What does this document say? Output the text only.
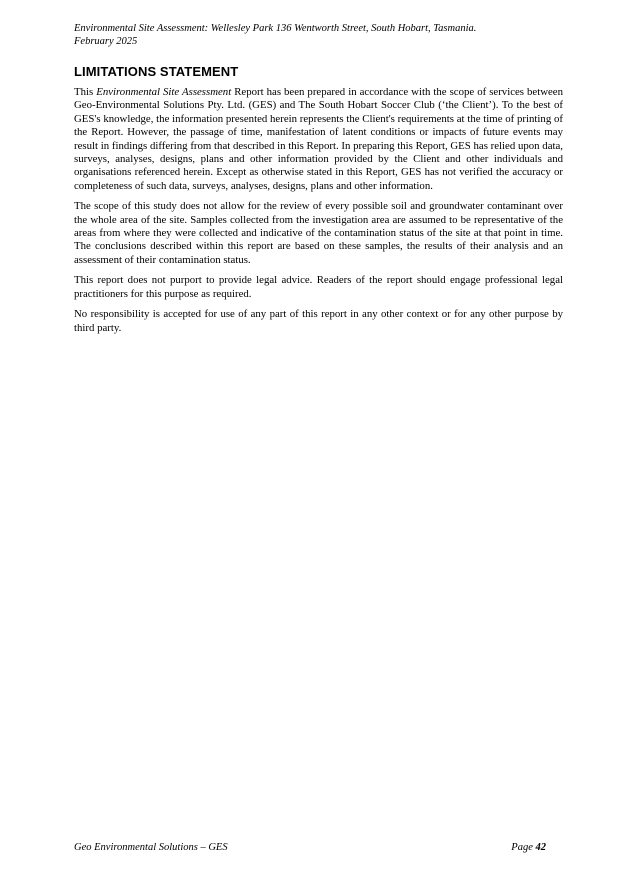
Environmental Site Assessment: Wellesley Park 136 Wentworth Street, South Hobart, Tasmania.
February 2025
LIMITATIONS STATEMENT

This Environmental Site Assessment Report has been prepared in accordance with the scope of services between Geo-Environmental Solutions Pty. Ltd. (GES) and The South Hobart Soccer Club (‘the Client’). To the best of GES's knowledge, the information presented herein represents the Client's requirements at the time of printing of the Report. However, the passage of time, manifestation of latent conditions or impacts of future events may result in findings differing from that described in this Report. In preparing this Report, GES has relied upon data, surveys, analyses, designs, plans and other information provided by the Client and other individuals and organisations referenced herein. Except as otherwise stated in this Report, GES has not verified the accuracy or completeness of such data, surveys, analyses, designs, plans and other information.

The scope of this study does not allow for the review of every possible soil and groundwater contaminant over the whole area of the site. Samples collected from the investigation area are assumed to be representative of the areas from where they were collected and indicative of the contamination status of the site at that point in time. The conclusions described within this report are based on these samples, the results of their analysis and an assessment of their contamination status.

This report does not purport to provide legal advice. Readers of the report should engage professional legal practitioners for this purpose as required.

No responsibility is accepted for use of any part of this report in any other context or for any other purpose by third party.

Geo Environmental Solutions – GES	Page 42
